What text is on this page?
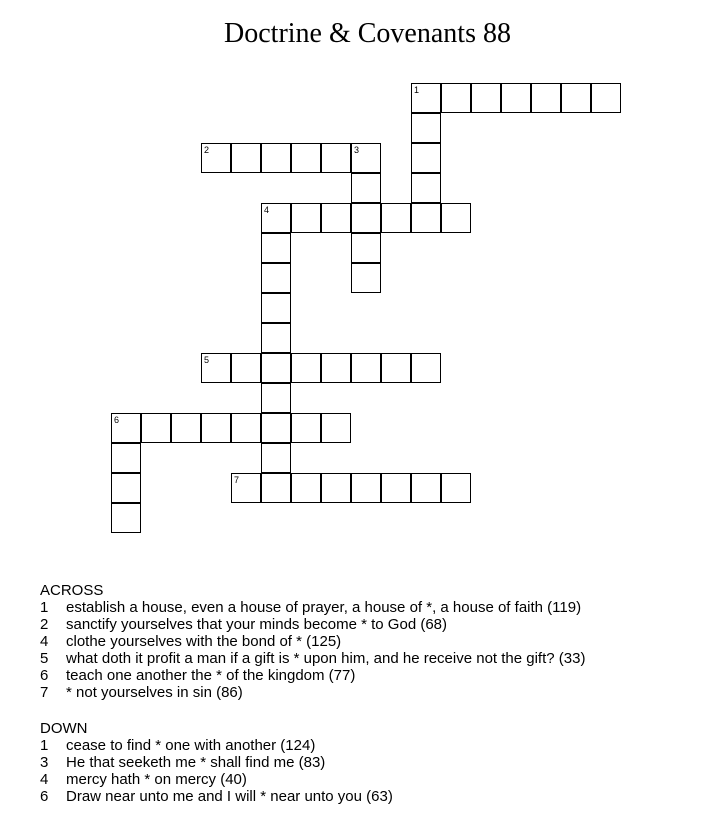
Doctrine & Covenants 88
1
2	3
4
5
6
7
ACROSS
1 establish a house, even a house of prayer, a house of *, a house of faith (119)
2 sanctify yourselves that your minds become * to God (68)
4 clothe yourselves with the bond of * (125)
5 what doth it profit a man if a gift is * upon him, and he receive not the gift? (33)
6 teach one another the * of the kingdom (77)
7 * not yourselves in sin (86)
DOWN
1 cease to find * one with another (124)
3 He that seeketh me * shall find me (83)
4 mercy hath * on mercy (40)
6 Draw near unto me and I will * near unto you (63)
